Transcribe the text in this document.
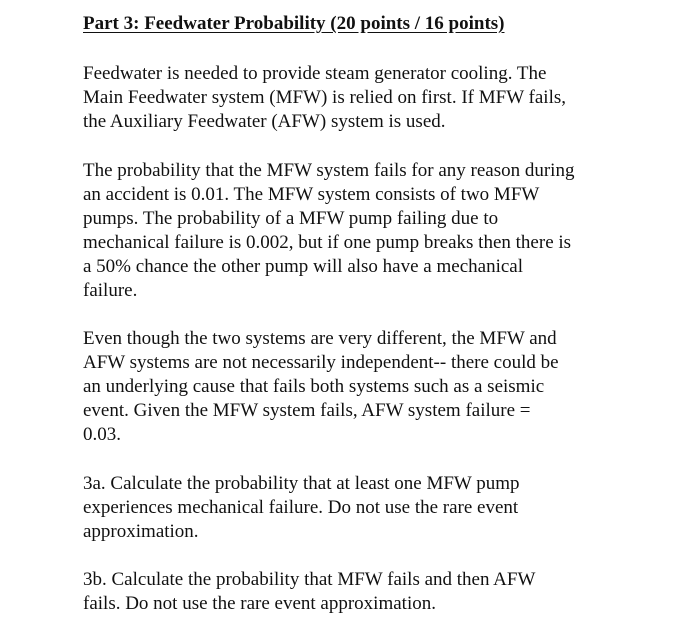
Part 3: Feedwater Probability (20 points / 16 points)
Feedwater is needed to provide steam generator cooling. The
Main Feedwater system (MFW) is relied on first. If MFW fails,
the Auxiliary Feedwater (AFW) system is used.
The probability that the MFW system fails for any reason during
an accident is 0.01. The MFW system consists of two MFW
pumps. The probability of a MFW pump failing due to
mechanical failure is 0.002, but if one pump breaks then there is
a 50% chance the other pump will also have a mechanical
failure.
Even though the two systems are very different, the MFW and
AFW systems are not necessarily independent-- there could be
an underlying cause that fails both systems such as a seismic
event. Given the MFW system fails, AFW system failure =
0.03.
3a. Calculate the probability that at least one MFW pump
experiences mechanical failure. Do not use the rare event
approximation.
3b. Calculate the probability that MFW fails and then AFW
fails. Do not use the rare event approximation.
